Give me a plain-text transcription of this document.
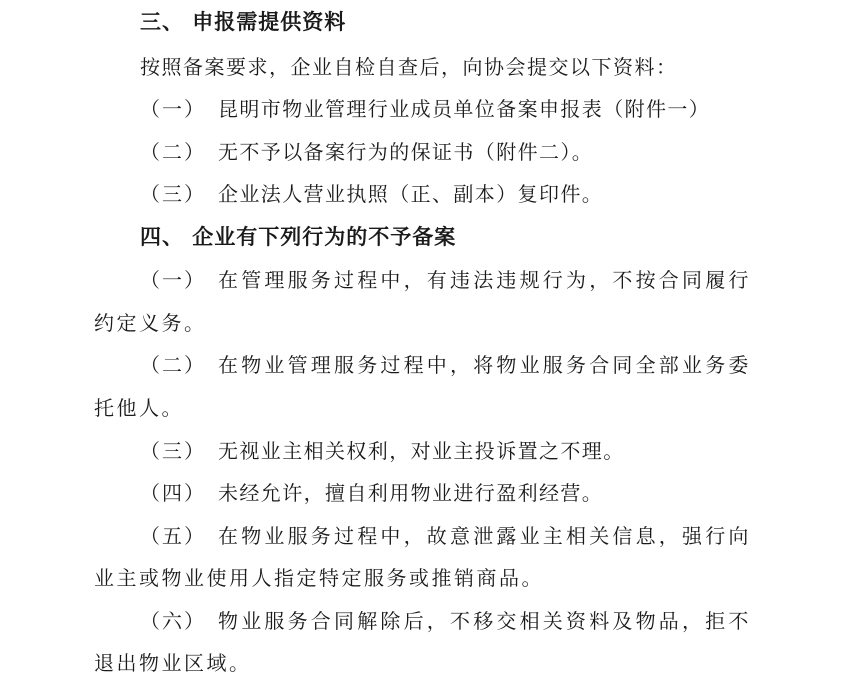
三、 申报需提供资料
按照备案要求，企业自检自查后，向协会提交以下资料：
（一） 昆明市物业管理行业成员单位备案申报表（附件一）
（二） 无不予以备案行为的保证书（附件二）。
（三） 企业法人营业执照（正、副本）复印件。
四、 企业有下列行为的不予备案
（一） 在管理服务过程中，有违法违规行为，不按合同履行
约定义务。
（二） 在物业管理服务过程中，将物业服务合同全部业务委
托他人。
（三） 无视业主相关权利，对业主投诉置之不理。
（四） 未经允许，擅自利用物业进行盈利经营。
（五） 在物业服务过程中，故意泄露业主相关信息，强行向
业主或物业使用人指定特定服务或推销商品。
（六） 物业服务合同解除后，不移交相关资料及物品，拒不
退出物业区域。
